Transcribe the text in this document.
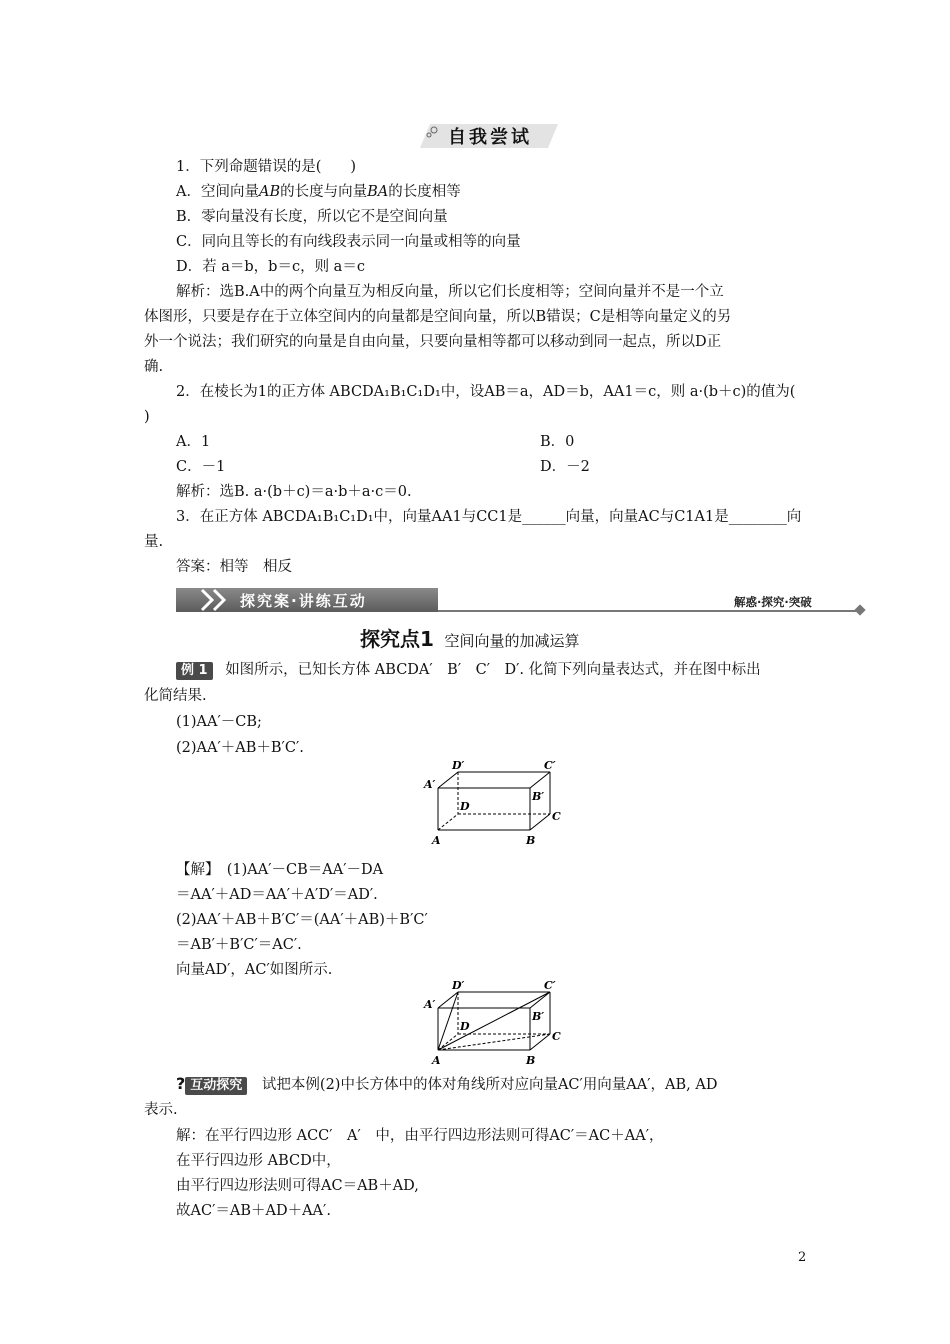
自我尝试
1．下列命题错误的是(　　)
A．空间向量AB的长度与向量BA的长度相等
B．零向量没有长度，所以它不是空间向量
C．同向且等长的有向线段表示同一向量或相等的向量
D．若 a＝b，b＝c，则 a＝c
解析：选B.A中的两个向量互为相反向量，所以它们长度相等；空间向量并不是一个立
体图形，只要是存在于立体空间内的向量都是空间向量，所以B错误；C是相等向量定义的另
外一个说法；我们研究的向量是自由向量，只要向量相等都可以移动到同一起点，所以D正
确.
2．在棱长为1的正方体 ABCDA₁B₁C₁D₁中，设AB＝a，AD＝b，AA1＝c，则 a·(b＋c)的值为(
)
A．1	B．0
C．－1	D．－2
解析：选B. a·(b＋c)＝a·b＋a·c＝0.
3．在正方体 ABCDA₁B₁C₁D₁中，向量AA1与CC1是______向量，向量AC与C1A1是________向
量.
答案：相等　相反
探究案·讲练互动	解惑·探究·突破
探究点1 空间向量的加减运算
例 1 如图所示，已知长方体 ABCDA′　B′　C′　D′. 化简下列向量表达式，并在图中标出
化简结果.
(1)AA′－CB;
(2)AA′＋AB＋B′C′.
A	B
C
D
A′
B′
C′
D′
【解】　(1)AA′－CB＝AA′－DA
＝AA′＋AD＝AA′＋A′D′＝AD′.
(2)AA′＋AB＋B′C′＝(AA′＋AB)＋B′C′
＝AB′＋B′C′＝AC′.
向量AD′，AC′如图所示.
A	B
C
D
A′
B′
C′
D′
? 互动探究 试把本例(2)中长方体中的体对角线所对应向量AC′用向量AA′，AB, AD
表示.
解：在平行四边形 ACC′　A′　中，由平行四边形法则可得AC′＝AC＋AA′，
在平行四边形 ABCD中，
由平行四边形法则可得AC＝AB＋AD,
故AC′＝AB＋AD＋AA′.
2
